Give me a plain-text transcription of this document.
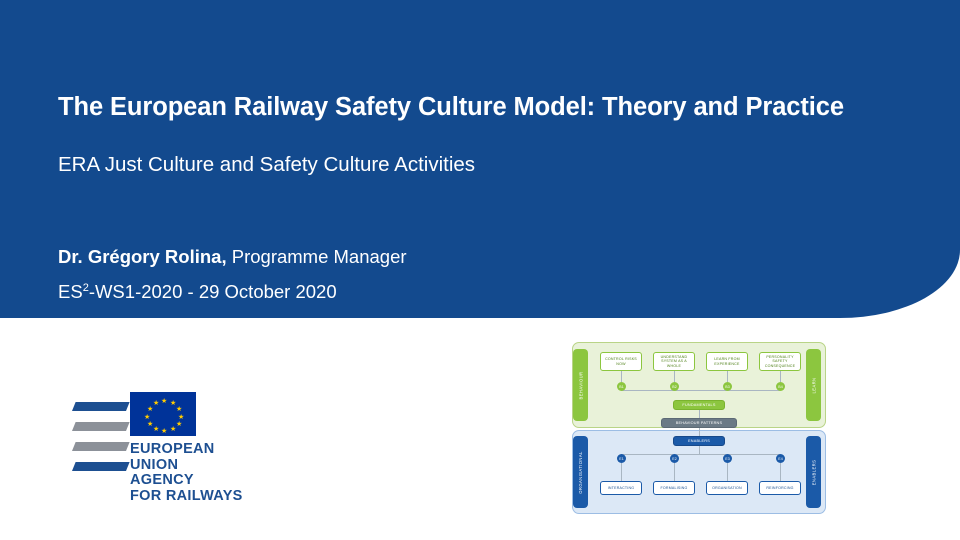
The European Railway Safety Culture Model: Theory and Practice
ERA Just Culture and Safety Culture Activities
Dr. Grégory Rolina, Programme Manager
$ES^2-WS1-2020 - 29$ October 2020
★ ★
★
★
★
★
★
★
★
★
★
★
EUROPEAN
UNION
AGENCY
FOR RAILWAYS
BEHAVIOUR	LEARN
ORGANISATIONAL	ENABLERS
CONTROL RISKS NOW
UNDERSTAND SYSTEM AS A WHOLE
LEARN FROM EXPERIENCE
PERSONALITY SAFETY CONSEQUENCE
B1	B2	B3	B4
FUNDAMENTALS
BEHAVIOUR PATTERNS
ENABLERS
E1	E2	E3	E4
INTERACTING	FORMALISING	ORGANISATION	REINFORCING
